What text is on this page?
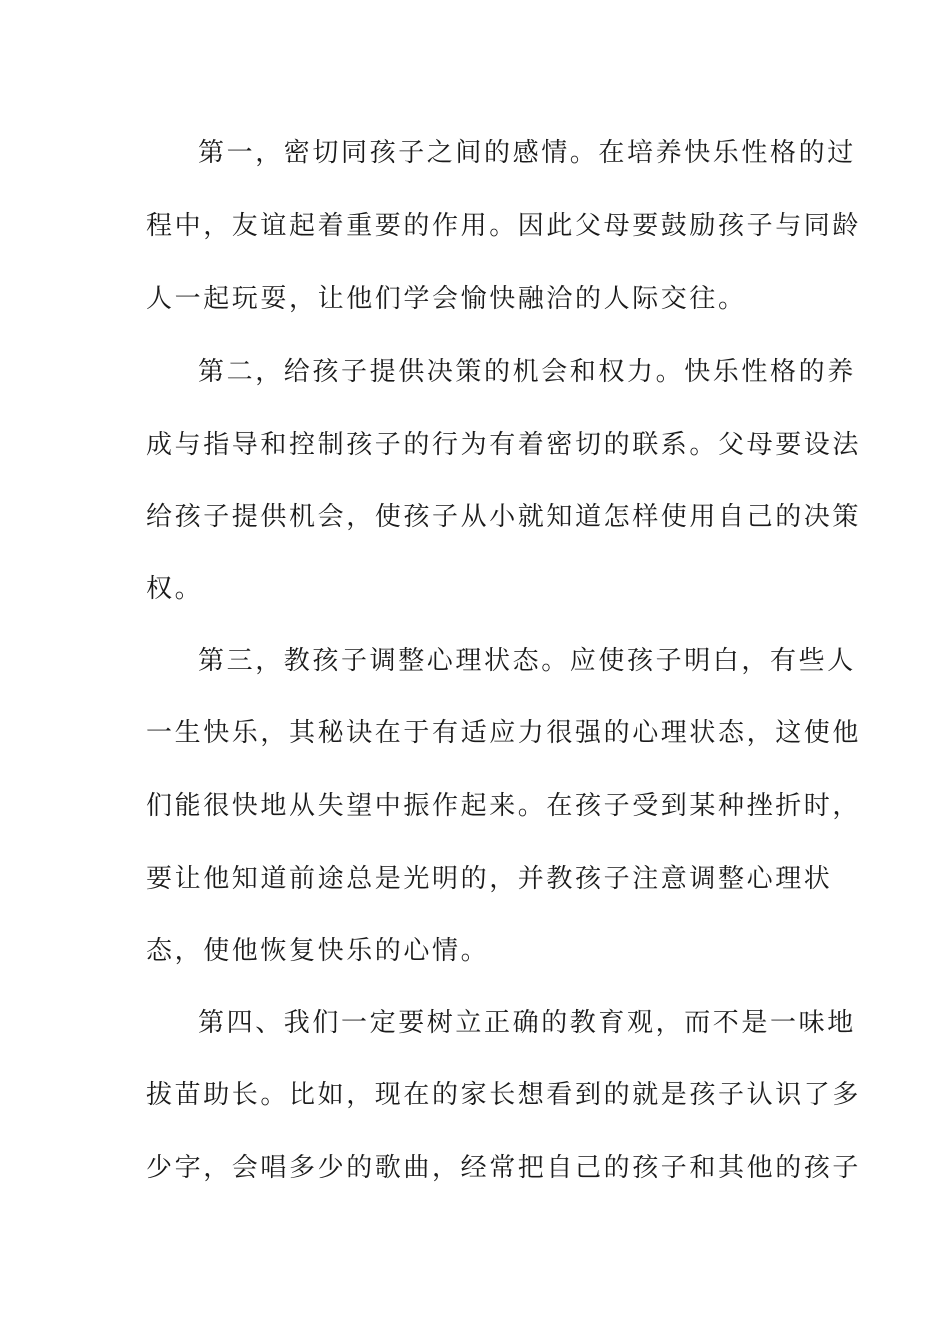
第一，密切同孩子之间的感情。在培养快乐性格的过
程中，友谊起着重要的作用。因此父母要鼓励孩子与同龄
人一起玩耍，让他们学会愉快融洽的人际交往。
第二，给孩子提供决策的机会和权力。快乐性格的养
成与指导和控制孩子的行为有着密切的联系。父母要设法
给孩子提供机会，使孩子从小就知道怎样使用自己的决策
权。
第三，教孩子调整心理状态。应使孩子明白，有些人
一生快乐，其秘诀在于有适应力很强的心理状态，这使他
们能很快地从失望中振作起来。在孩子受到某种挫折时，
要让他知道前途总是光明的，并教孩子注意调整心理状
态，使他恢复快乐的心情。
第四、我们一定要树立正确的教育观，而不是一味地
拔苗助长。比如，现在的家长想看到的就是孩子认识了多
少字，会唱多少的歌曲，经常把自己的孩子和其他的孩子
